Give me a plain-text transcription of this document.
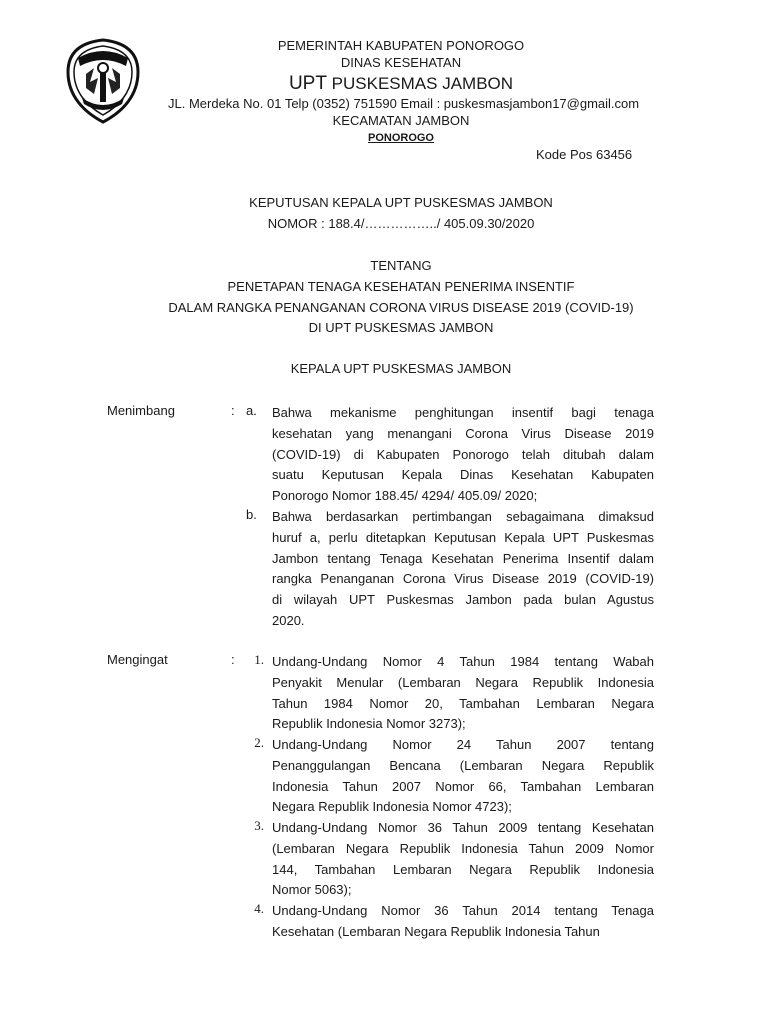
PEMERINTAH KABUPATEN PONOROGO
DINAS KESEHATAN
UPT PUSKESMAS JAMBON
JL. Merdeka No. 01 Telp (0352) 751590 Email : puskesmasjambon17@gmail.com
KECAMATAN JAMBON
PONOROGO
Kode Pos 63456
KEPUTUSAN KEPALA UPT PUSKESMAS JAMBON
NOMOR : 188.4/……………../ 405.09.30/2020
TENTANG
PENETAPAN TENAGA KESEHATAN PENERIMA INSENTIF
DALAM RANGKA PENANGANAN CORONA VIRUS DISEASE 2019 (COVID-19)
DI UPT PUSKESMAS JAMBON
KEPALA UPT PUSKESMAS JAMBON
Menimbang	: a.	Bahwa mekanisme penghitungan insentif bagi tenaga
kesehatan yang menangani Corona Virus Disease 2019
(COVID-19) di Kabupaten Ponorogo telah ditubah dalam
suatu Keputusan Kepala Dinas Kesehatan Kabupaten
Ponorogo Nomor 188.45/ 4294/ 405.09/ 2020;
b.	Bahwa berdasarkan pertimbangan sebagaimana dimaksud
huruf a, perlu ditetapkan Keputusan Kepala UPT Puskesmas
Jambon tentang Tenaga Kesehatan Penerima Insentif dalam
rangka Penanganan Corona Virus Disease 2019 (COVID-19)
di wilayah UPT Puskesmas Jambon pada bulan Agustus
2020.
Mengingat	:	1. Undang-Undang Nomor 4 Tahun 1984 tentang Wabah
Penyakit Menular (Lembaran Negara Republik Indonesia
Tahun 1984 Nomor 20, Tambahan Lembaran Negara
Republik Indonesia Nomor 3273);
2. Undang-Undang Nomor 24 Tahun 2007 tentang
Penanggulangan Bencana (Lembaran Negara Republik
Indonesia Tahun 2007 Nomor 66, Tambahan Lembaran
Negara Republik Indonesia Nomor 4723);
3. Undang-Undang Nomor 36 Tahun 2009 tentang Kesehatan
(Lembaran Negara Republik Indonesia Tahun 2009 Nomor
144, Tambahan Lembaran Negara Republik Indonesia
Nomor 5063);
4. Undang-Undang Nomor 36 Tahun 2014 tentang Tenaga
Kesehatan (Lembaran Negara Republik Indonesia Tahun
